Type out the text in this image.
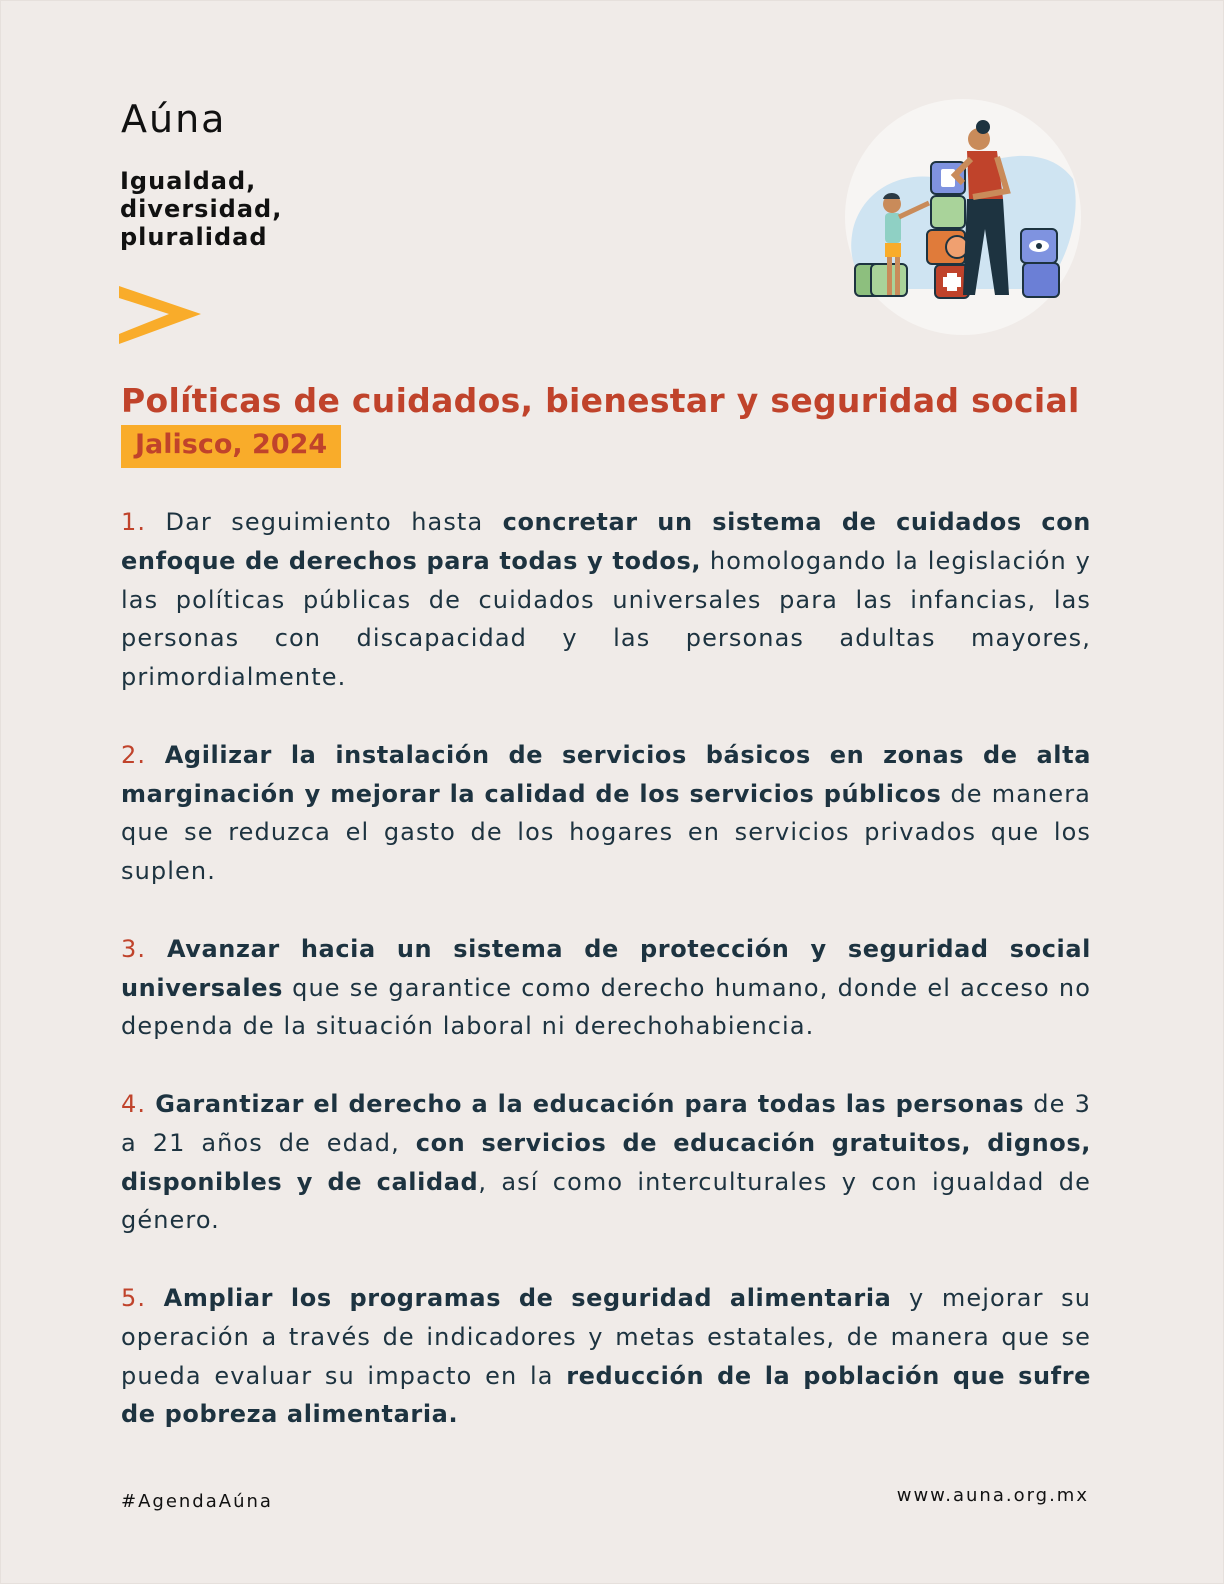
Aúna
Igualdad,
diversidad,
pluralidad
Políticas de cuidados, bienestar y seguridad social
Jalisco, 2024

1. Dar seguimiento hasta concretar un sistema de cuidados con enfoque de derechos para todas y todos, homologando la legislación y las políticas públicas de cuidados universales para las infancias, las personas con discapacidad y las personas adultas mayores, primordialmente.

2. Agilizar la instalación de servicios básicos en zonas de alta marginación y mejorar la calidad de los servicios públicos de manera que se reduzca el gasto de los hogares en servicios privados que los suplen.

3. Avanzar hacia un sistema de protección y seguridad social universales que se garantice como derecho humano, donde el acceso no dependa de la situación laboral ni derechohabiencia.

4. Garantizar el derecho a la educación para todas las personas de 3 a 21 años de edad, con servicios de educación gratuitos, dignos, disponibles y de calidad, así como interculturales y con igualdad de género.

5. Ampliar los programas de seguridad alimentaria y mejorar su operación a través de indicadores y metas estatales, de manera que se pueda evaluar su impacto en la reducción de la población que sufre de pobreza alimentaria.

#AgendaAúna	www.auna.org.mx
